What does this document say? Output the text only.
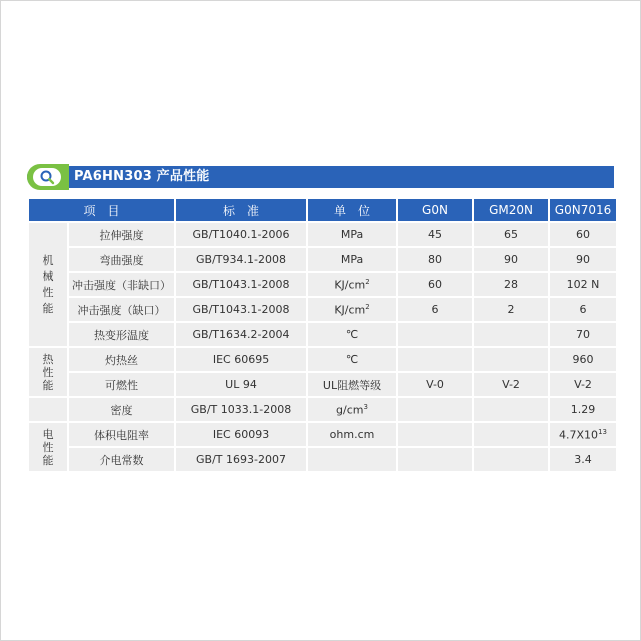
PA6HN303 产品性能
项　目		标　准	单　位	G0N	GM20N	G0N7016
机
械
性
能	拉伸强度	GB/T1040.1-2006	MPa	45	65	60
	弯曲强度	GB/T934.1-2008	MPa	80	90	90
	冲击强度（非缺口）	GB/T1043.1-2008	$KJ/cm^2$	60	28	102 N
	冲击强度（缺口）	GB/T1043.1-2008	$KJ/cm^2$	6	2	6
	热变形温度	GB/T1634.2-2004	℃			70
热
性
能	灼热丝	IEC 60695	℃			960
	可燃性	UL 94	UL阻燃等级	V-0	V-2	V-2
	密度	GB/T 1033.1-2008	$g/cm^3$			1.29
电
性
能	体积电阻率	IEC 60093	ohm.cm			$4.7X10^{13}$
	介电常数	GB/T 1693-2007				3.4
